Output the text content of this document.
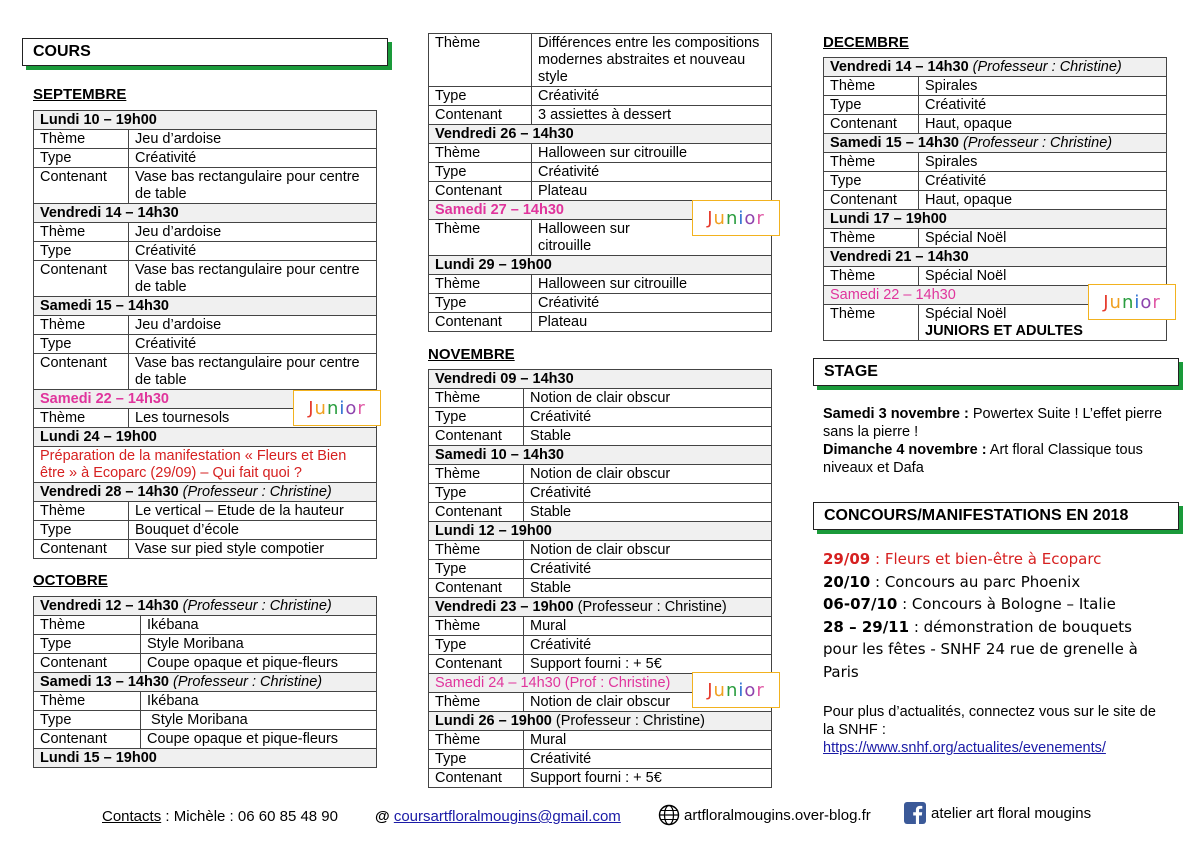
COURS
SEPTEMBRE
Lundi 10 – 19h00	
Thème	Jeu d’ardoise
Type	Créativité
Contenant	Vase bas rectangulaire pour centre de table
Vendredi 14 – 14h30	
Thème	Jeu d’ardoise
Type	Créativité
Contenant	Vase bas rectangulaire pour centre de table
Samedi 15 – 14h30	
Thème	Jeu d’ardoise
Type	Créativité
Contenant	Vase bas rectangulaire pour centre de table
Samedi 22 – 14h30	
Thème	Les tournesols
Lundi 24 – 19h00	
Préparation de la manifestation « Fleurs et Bien être » à Ecoparc (29/09) – Qui fait quoi ?	
Vendredi 28 – 14h30 (Professeur : Christine)	
Thème	Le vertical – Etude de la hauteur
Type	Bouquet d’école
Contenant	Vase sur pied style compotier
J u n i o r
OCTOBRE
Vendredi 12 – 14h30 (Professeur : Christine)	
Thème	Ikébana
Type	Style Moribana
Contenant	Coupe opaque et pique-fleurs
Samedi 13 – 14h30 (Professeur : Christine)	
Thème	Ikébana
Type	Style Moribana
Contenant	Coupe opaque et pique-fleurs
Lundi 15 – 19h00	
Thème	Différences entre les compositions modernes abstraites et nouveau style
Type	Créativité
Contenant	3 assiettes à dessert
Vendredi 26 – 14h30	
Thème	Halloween sur citrouille
Type	Créativité
Contenant	Plateau
Samedi 27 – 14h30	
Thème	Halloween sur citrouille

Lundi 29 – 19h00	
Thème	Halloween sur citrouille
Type	Créativité
Contenant	Plateau
J u n i o r
NOVEMBRE
Vendredi 09 – 14h30	
Thème	Notion de clair obscur
Type	Créativité
Contenant	Stable
Samedi 10 – 14h30	
Thème	Notion de clair obscur
Type	Créativité
Contenant	Stable
Lundi 12 – 19h00	
Thème	Notion de clair obscur
Type	Créativité
Contenant	Stable
Vendredi 23 – 19h00 (Professeur : Christine)	
Thème	Mural
Type	Créativité
Contenant	Support fourni : + 5€
Samedi 24 – 14h30 (Prof : Christine)	
Thème	Notion de clair obscur
Lundi 26 – 19h00 (Professeur : Christine)	
Thème	Mural
Type	Créativité
Contenant	Support fourni : + 5€
J u n i o r
DECEMBRE
Vendredi 14 – 14h30 (Professeur : Christine)	
Thème	Spirales
Type	Créativité
Contenant	Haut, opaque
Samedi 15 – 14h30 (Professeur : Christine)	
Thème	Spirales
Type	Créativité
Contenant	Haut, opaque
Lundi 17 – 19h00	
Thème	Spécial Noël
Vendredi 21 – 14h30	
Thème	Spécial Noël
Samedi 22 – 14h30	
Thème	Spécial Noël
JUNIORS ET ADULTES
J u n i o r
STAGE
Samedi 3 novembre : Powertex Suite ! L’effet pierre sans la pierre !
Dimanche 4 novembre : Art floral Classique tous niveaux et Dafa
CONCOURS/MANIFESTATIONS EN 2018
29/09 : Fleurs et bien-être à Ecoparc
20/10 : Concours au parc Phoenix
06-07/10 : Concours à Bologne – Italie
28 – 29/11 : démonstration de bouquets pour les fêtes - SNHF 24 rue de grenelle à Paris
Pour plus d’actualités, connectez vous sur le site de la SNHF :
https://www.snhf.org/actualites/evenements/
Contacts : Michèle : 06 60 85 48 90 @ coursartfloralmougins@gmail.com	artfloralmougins.over-blog.fr	atelier art floral mougins
